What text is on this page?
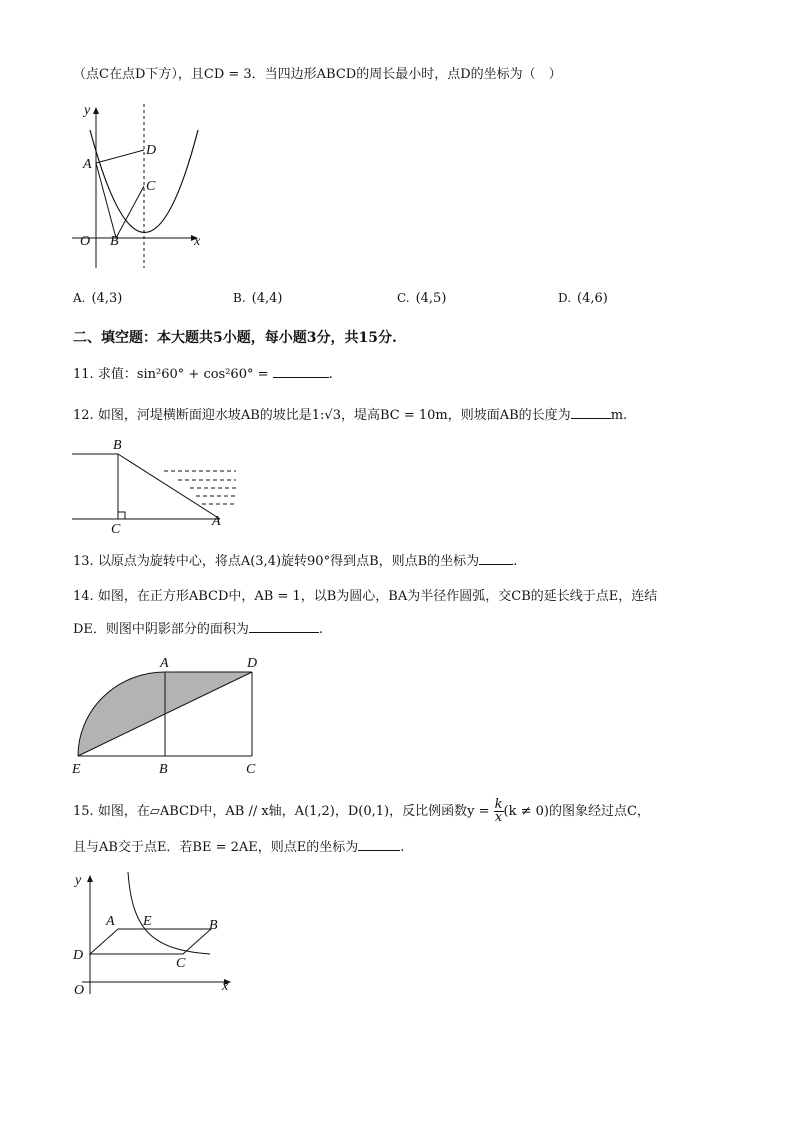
（点C在点D下方），且CD = 3．当四边形ABCD的周长最小时，点D的坐标为（　）
y
x
O
A
B
C
D
A. (4,3)	B. (4,4)	C. (4,5)	D. (4,6)
二、填空题：本大题共5小题，每小题3分，共15分.
11. 求值：sin²60° + cos²60° =	.
12. 如图，河堤横断面迎水坡AB的坡比是1:√3，堤高BC = 10m，则坡面AB的长度为	m.
B
C
A
13. 以原点为旋转中心，将点A(3,4)旋转90°得到点B，则点B的坐标为	.
14. 如图，在正方形ABCD中，AB = 1，以B为圆心，BA为半径作圆弧，交CB的延长线于点E，连结
DE．则图中阴影部分的面积为	.
A	D
E	B	C
15. 如图，在▱ABCD中，AB // x轴，A(1,2)，D(0,1)，反比例函数$y = \frac{k}{x} (k \ne 0)$的图象经过点C，
且与AB交于点E．若BE = 2AE，则点E的坐标为	.
y
x
O
D
A E	B
C
